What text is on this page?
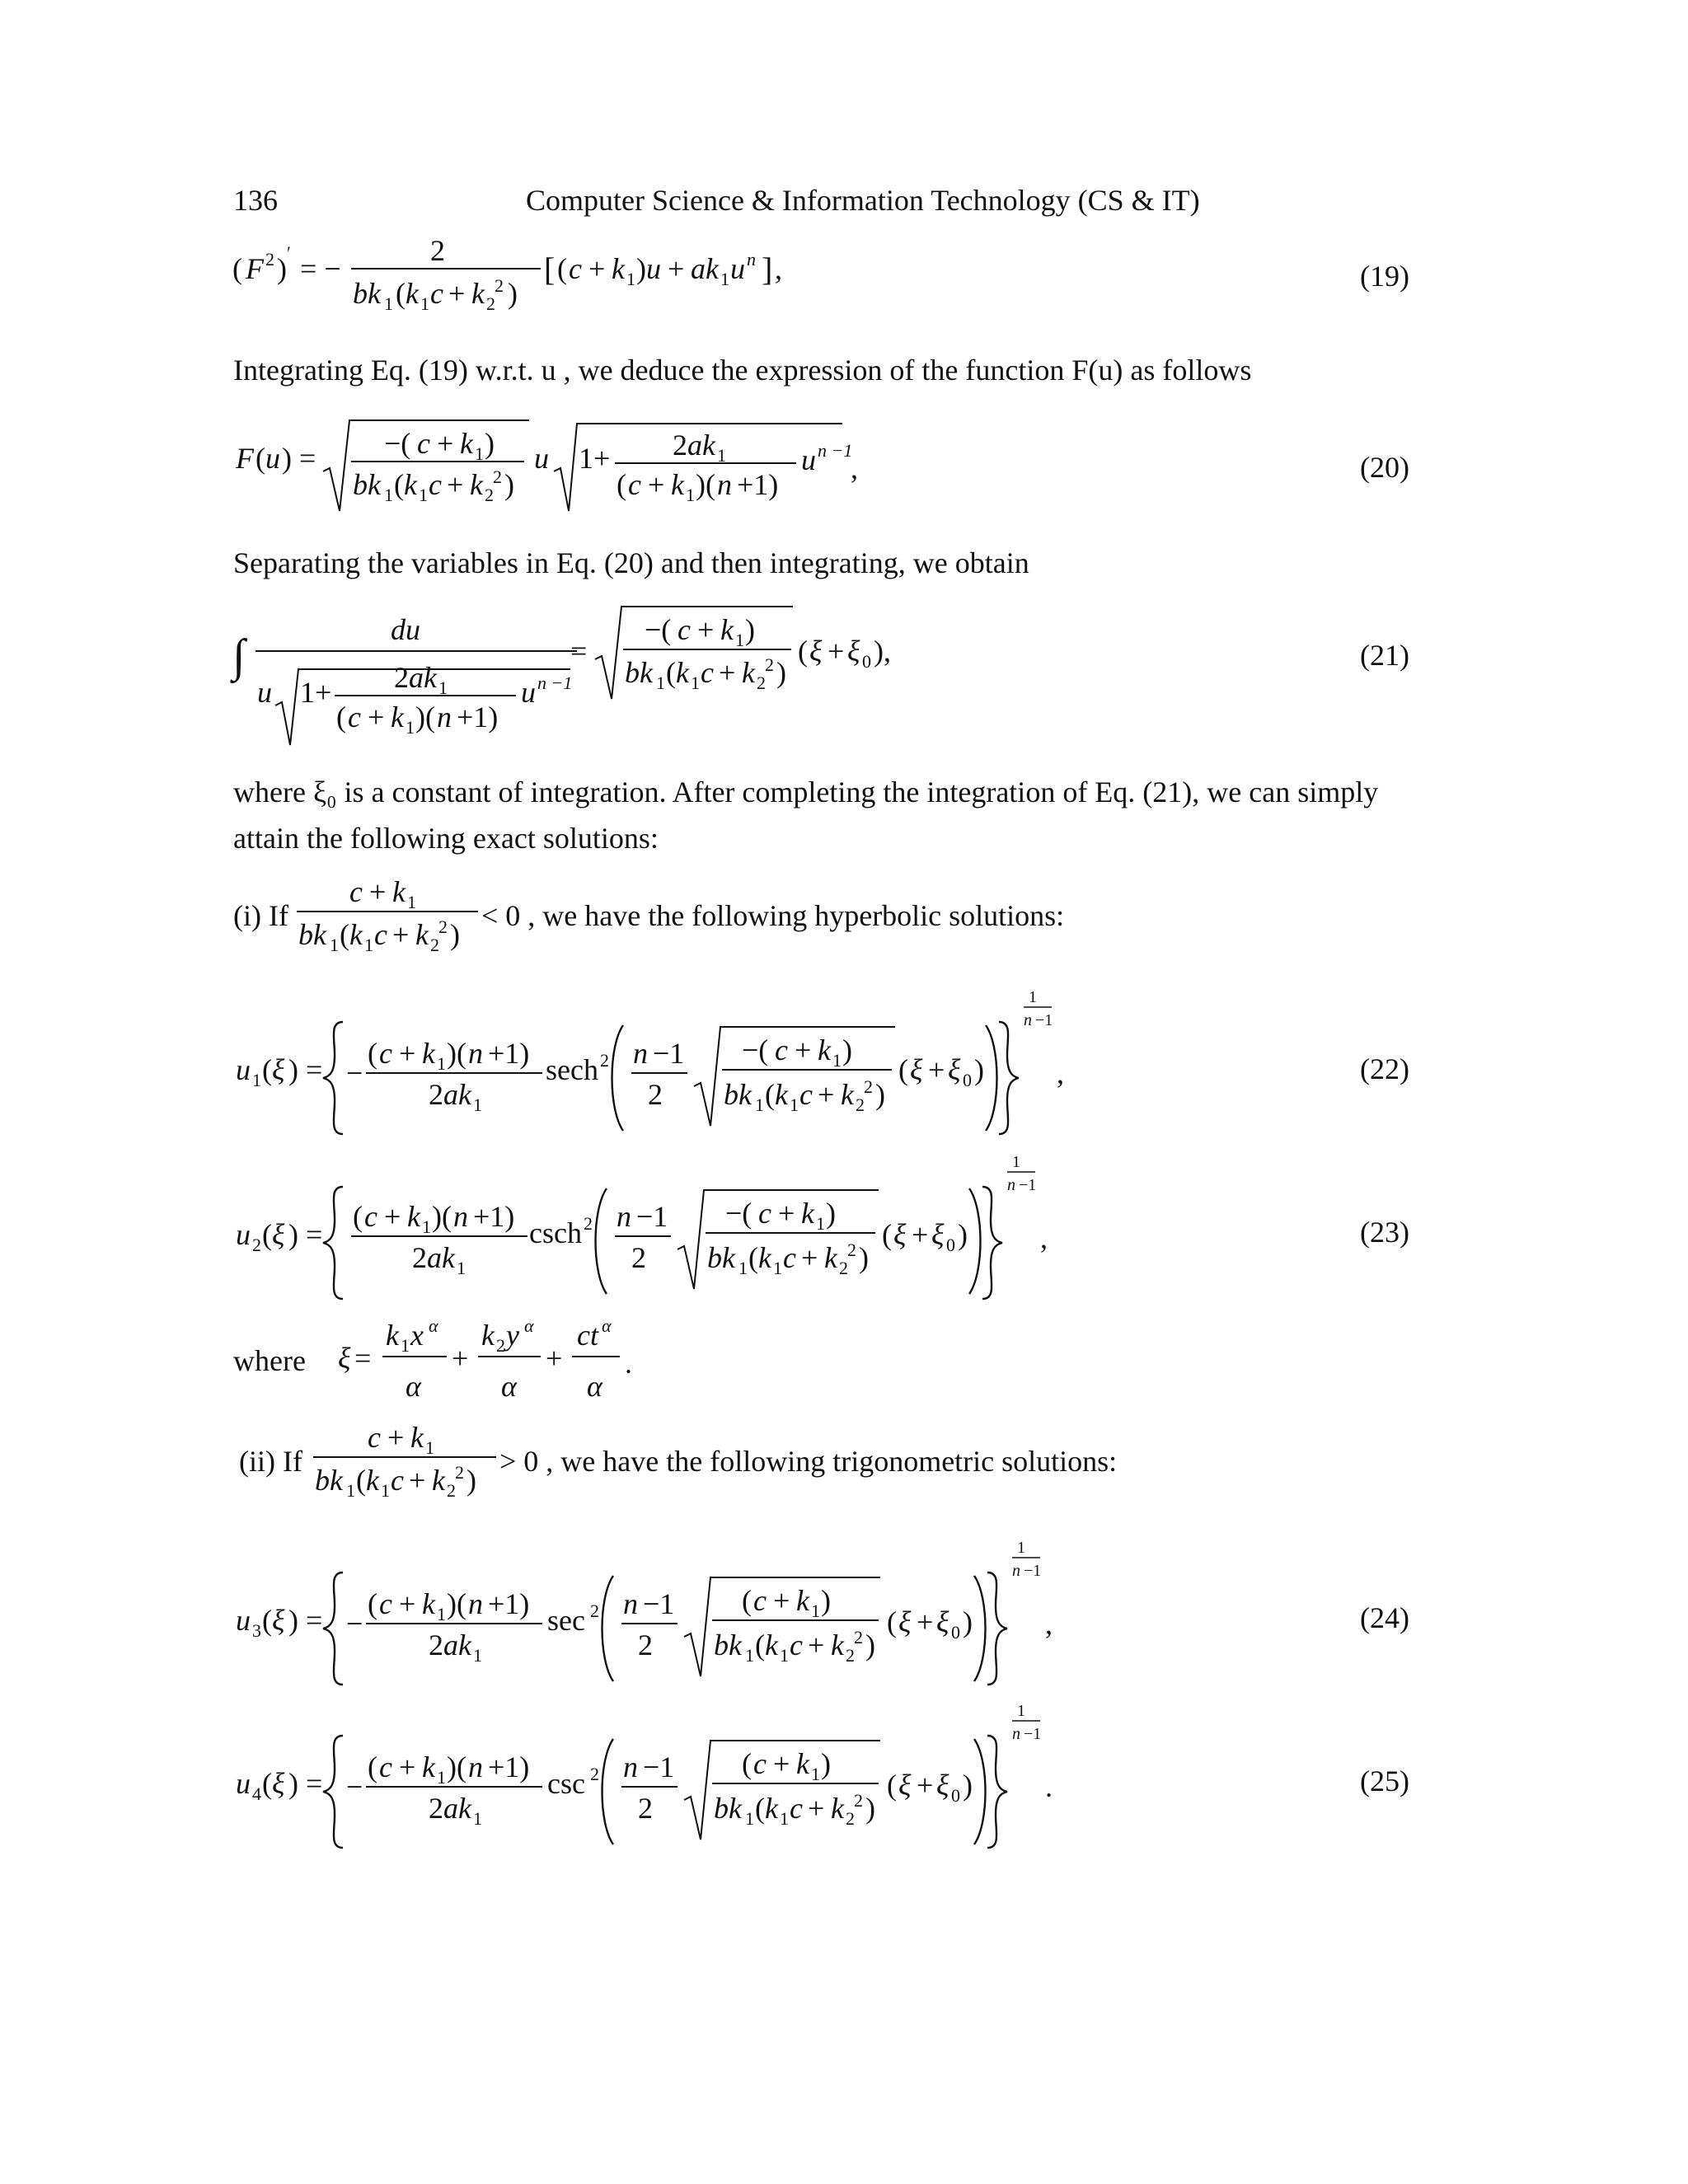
136	Computer Science & Information Technology (CS & IT)
( F 2 ) ′ = −
2
bk 1 ( k 1 c + k 2
2 )
[ ( c + k 1 ) u + ak 1 u n ] ,	(19)
Integrating Eq. (19) w.r.t. u , we deduce the expression of the function F(u) as follows
F ( u ) = −( c + k 1 )
bk 1 ( k 1 c + k 2
2 )
u 1+ 2 ak 1
( c + k 1 )( n +1)
u n −1
,	(20)
Separating the variables in Eq. (20) and then integrating, we obtain
∫
du
u 1+ 2 ak 1
( c + k 1 )( n +1)
u n −1
=
−( c + k 1 )
bk 1 ( k 1 c + k 2
2 )
( ξ + ξ 0 ),	(21)
where ξ₀ is a constant of integration. After completing the integration of Eq. (21), we can simply
attain the following exact solutions:
(i) If
c + k 1
bk 1 ( k 1 c + k 2
2 )
< 0 , we have the following hyperbolic solutions:
u 1 ( ξ ) = −
( c + k 1 )( n +1)
2 ak 1
sech 2 n −1
2
−( c + k 1 )
bk 1 ( k 1 c + k 2
2 )
( ξ + ξ 0 )
1
n −1
,	(22)
u 2 ( ξ ) =
( c + k 1 )( n +1)
2 ak 1
csch 2 n −1
2
−( c + k 1 )
bk 1 ( k 1 c + k 2
2 )
( ξ + ξ 0 )
1
n −1
,	(23)
where ξ =
k 1 x α
α
+
k 2 y α
α
+
ct α
α
.
(ii) If
c + k 1
bk 1 ( k 1 c + k 2
2 )
> 0 , we have the following trigonometric solutions:
u 3 ( ξ ) = −
( c + k 1 )( n +1)
2 ak 1
sec 2 n −1
2
( c + k 1 )
bk 1 ( k 1 c + k 2
2 )
( ξ + ξ 0 )
1
n −1
,	(24)
u 4 ( ξ ) = −
( c + k 1 )( n +1)
2 ak 1
csc 2 n −1
2
( c + k 1 )
bk 1 ( k 1 c + k 2
2 )
( ξ + ξ 0 )
1
n −1
.	(25)
